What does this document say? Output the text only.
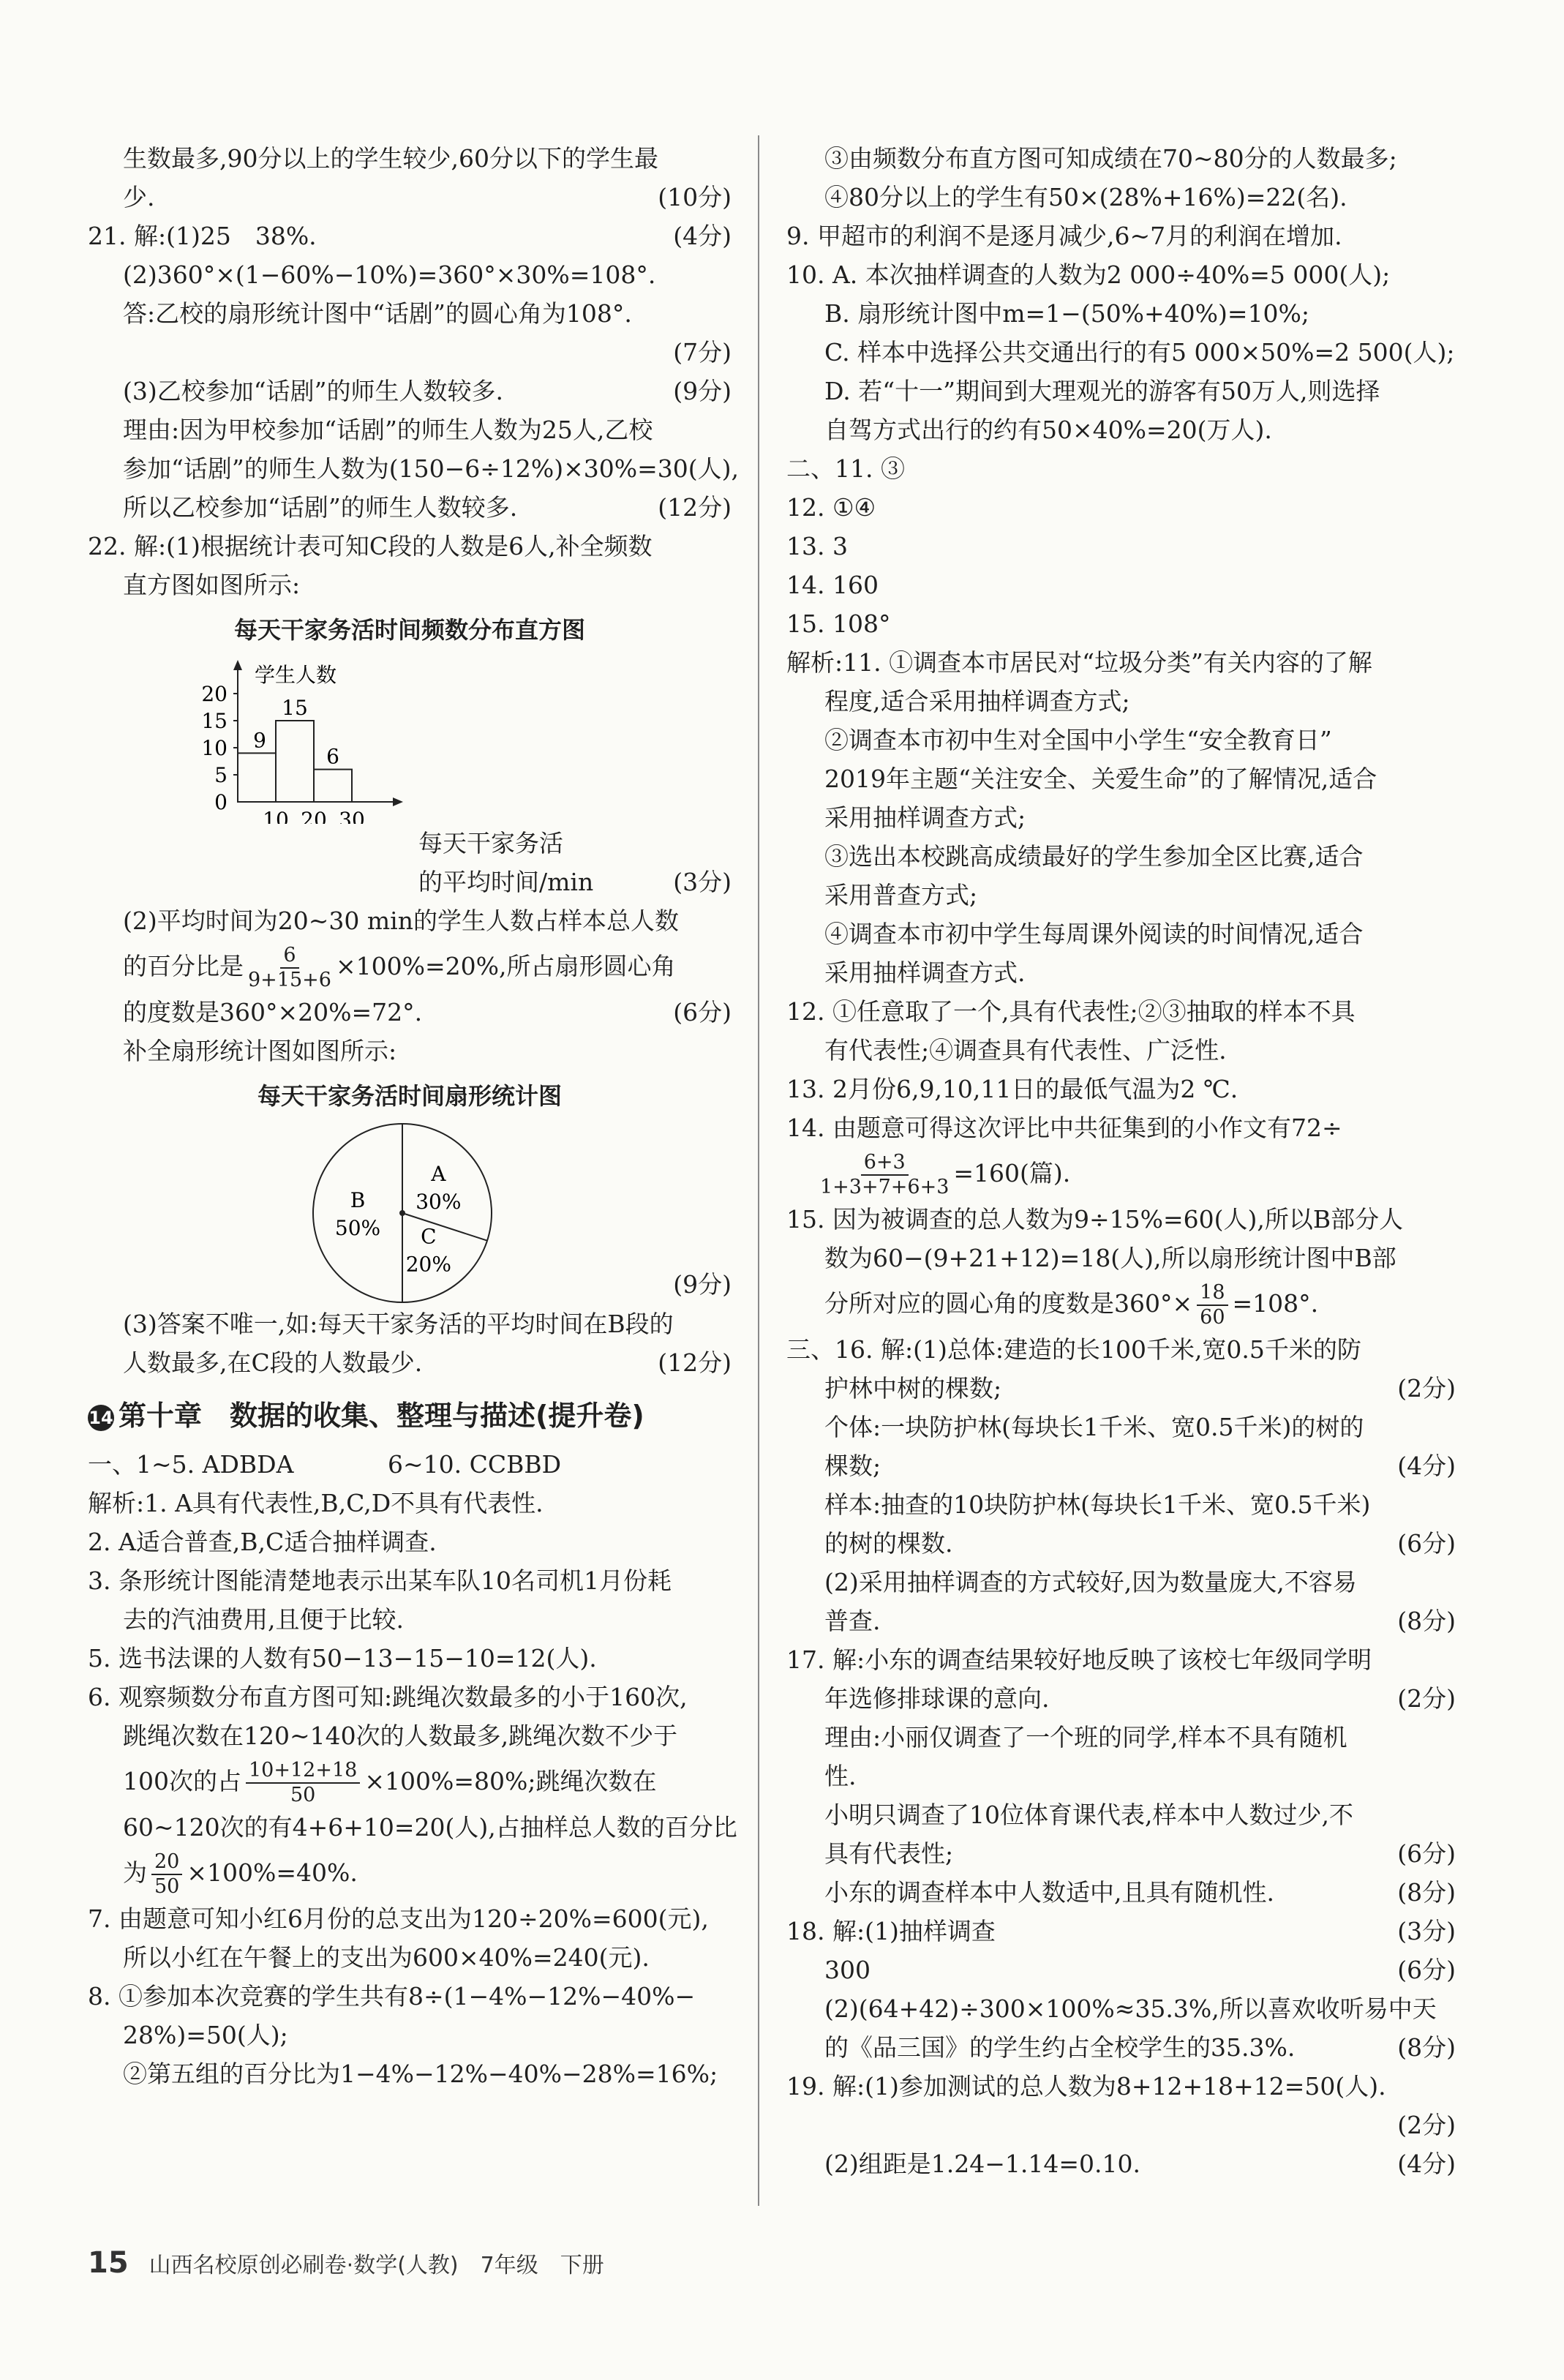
生数最多,90分以上的学生较少,60分以下的学生最
少.	(10分)
21. 解:(1)25　38%.	(4分)
(2)360°×(1−60%−10%)=360°×30%=108°.
答:乙校的扇形统计图中“话剧”的圆心角为108°.
(7分)
(3)乙校参加“话剧”的师生人数较多.	(9分)
理由:因为甲校参加“话剧”的师生人数为25人,乙校
参加“话剧”的师生人数为(150−6÷12%)×30%=30(人),
所以乙校参加“话剧”的师生人数较多.	(12分)
22. 解:(1)根据统计表可知C段的人数是6人,补全频数
直方图如图所示:
每天干家务活时间频数分布直方图
学生人数
0
5
10
15
20
10 20 30
9
15
6
每天干家务活
的平均时间/min	(3分)
(2)平均时间为20~30 min的学生人数占样本总人数
的百分比是 $\frac{6}{9+15+6} \times 100\%=20\%$,所占扇形圆心角
的度数是360°×20%=72°.	(6分)
补全扇形统计图如图所示:
每天干家务活时间扇形统计图
A
30%
C
20%
B
50%
(9分)
(3)答案不唯一,如:每天干家务活的平均时间在B段的
人数最多,在C段的人数最少.	(12分)
14 第十章　数据的收集、整理与描述(提升卷)
一、1~5. ADBDA	6~10. CCBBD
解析:1. A具有代表性,B,C,D不具有代表性.
2. A适合普查,B,C适合抽样调查.
3. 条形统计图能清楚地表示出某车队10名司机1月份耗
去的汽油费用,且便于比较.
5. 选书法课的人数有50−13−15−10=12(人).
6. 观察频数分布直方图可知:跳绳次数最多的小于160次,
跳绳次数在120~140次的人数最多,跳绳次数不少于
100次的占 $\frac{10+12+18}{50} \times 100\%=80\%$;跳绳次数在
60~120次的有4+6+10=20(人),占抽样总人数的百分比
为 $\frac{20}{50} \times 100\%=40\%$.
7. 由题意可知小红6月份的总支出为120÷20%=600(元),
所以小红在午餐上的支出为600×40%=240(元).
8. ①参加本次竞赛的学生共有8÷(1−4%−12%−40%−
28%)=50(人);
②第五组的百分比为1−4%−12%−40%−28%=16%;
③由频数分布直方图可知成绩在70~80分的人数最多;
④80分以上的学生有50×(28%+16%)=22(名).
9. 甲超市的利润不是逐月减少,6~7月的利润在增加.
10. A. 本次抽样调查的人数为2 000÷40%=5 000(人);
B. 扇形统计图中m=1−(50%+40%)=10%;
C. 样本中选择公共交通出行的有5 000×50%=2 500(人);
D. 若“十一”期间到大理观光的游客有50万人,则选择
自驾方式出行的约有50×40%=20(万人).
二、11. ③
12. ①④
13. 3
14. 160
15. 108°
解析:11. ①调查本市居民对“垃圾分类”有关内容的了解
程度,适合采用抽样调查方式;
②调查本市初中生对全国中小学生“安全教育日”
2019年主题“关注安全、关爱生命”的了解情况,适合
采用抽样调查方式;
③选出本校跳高成绩最好的学生参加全区比赛,适合
采用普查方式;
④调查本市初中学生每周课外阅读的时间情况,适合
采用抽样调查方式.
12. ①任意取了一个,具有代表性;②③抽取的样本不具
有代表性;④调查具有代表性、广泛性.
13. 2月份6,9,10,11日的最低气温为2 ℃.
14. 由题意可得这次评比中共征集到的小作文有72÷
$\frac{6+3}{1+3+7+6+3} =160$(篇).
15. 因为被调查的总人数为9÷15%=60(人),所以B部分人
数为60−(9+21+12)=18(人),所以扇形统计图中B部
分所对应的圆心角的度数是$360^\circ\times \frac{18}{60} =108^\circ$.
三、16. 解:(1)总体:建造的长100千米,宽0.5千米的防
护林中树的棵数;	(2分)
个体:一块防护林(每块长1千米、宽0.5千米)的树的
棵数;	(4分)
样本:抽查的10块防护林(每块长1千米、宽0.5千米)
的树的棵数.	(6分)
(2)采用抽样调查的方式较好,因为数量庞大,不容易
普查.	(8分)
17. 解:小东的调查结果较好地反映了该校七年级同学明
年选修排球课的意向.	(2分)
理由:小丽仅调查了一个班的同学,样本不具有随机
性.
小明只调查了10位体育课代表,样本中人数过少,不
具有代表性;	(6分)
小东的调查样本中人数适中,且具有随机性.	(8分)
18. 解:(1)抽样调查	(3分)
300	(6分)
(2)(64+42)÷300×100%≈35.3%,所以喜欢收听易中天
的《品三国》的学生约占全校学生的35.3%.	(8分)
19. 解:(1)参加测试的总人数为8+12+18+12=50(人).
(2分)
(2)组距是1.24−1.14=0.10.	(4分)
15 山西名校原创必刷卷·数学(人教)　7年级　下册
